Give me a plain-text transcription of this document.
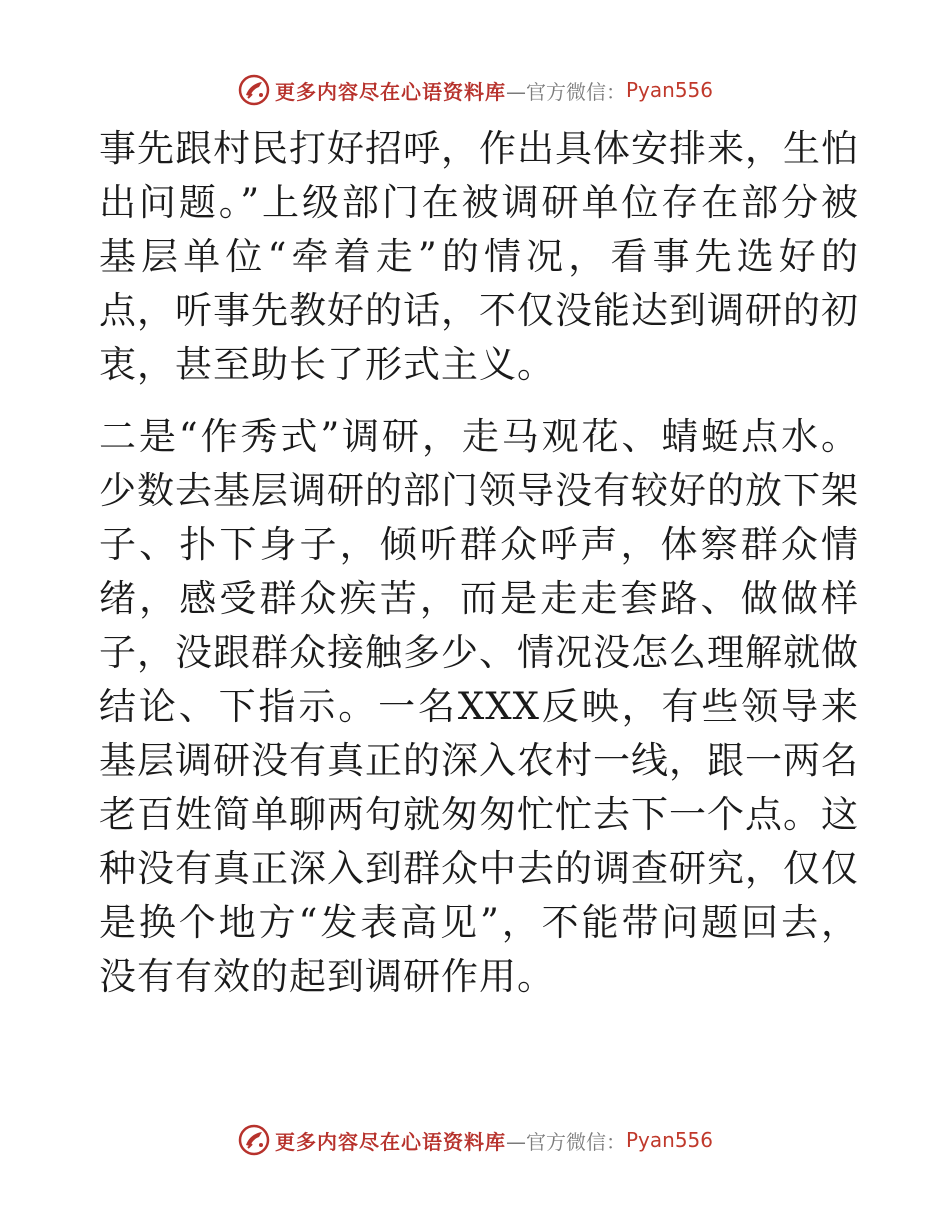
更多内容尽在心语资料库 —官方微信： Pyan556

事先跟村民打好招呼，作出具体安排来，生怕出问题。”上级部门在被调研单位存在部分被基层单位“牵着走”的情况，看事先选好的点，听事先教好的话，不仅没能达到调研的初衷，甚至助长了形式主义。

二是“作秀式”调研，走马观花、蜻蜓点水。少数去基层调研的部门领导没有较好的放下架子、扑下身子，倾听群众呼声，体察群众情绪，感受群众疾苦，而是走走套路、做做样子，没跟群众接触多少、情况没怎么理解就做结论、下指示。一名XXX反映，有些领导来基层调研没有真正的深入农村一线，跟一两名老百姓简单聊两句就匆匆忙忙去下一个点。这种没有真正深入到群众中去的调查研究，仅仅是换个地方“发表高见”，不能带问题回去，没有有效的起到调研作用。

更多内容尽在心语资料库 —官方微信： Pyan556
